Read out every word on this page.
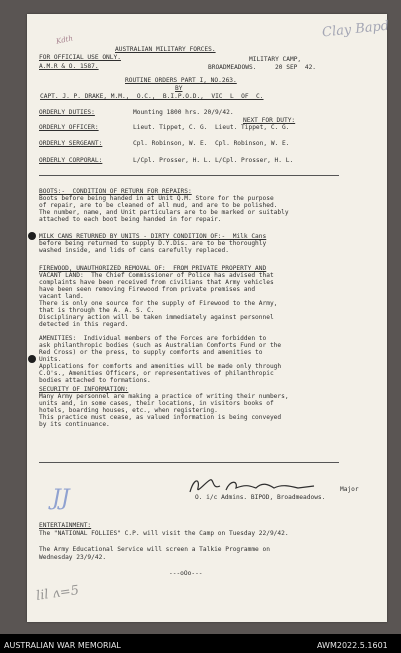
Clay Bapd
Kdth
JJ
lil ʌ=5
AUSTRALIAN MILITARY FORCES.
FOR OFFICIAL USE ONLY.	MILITARY CAMP,
A.M.R & O. 1587.	BROADMEADOWS.     20 SEP  42.
ROUTINE ORDERS PART I, NO.263.
BY
CAPT. J. P. DRAKE, M.M.,  O.C.,  B.I.P.O.D.,  VIC  L  OF  C.
ORDERLY DUTIES:	Mounting 1800 hrs. 20/9/42.
NEXT FOR DUTY:
ORDERLY OFFICER:	Lieut. Tippet, C. G.  Lieut. Tippet, C. G.
ORDERLY SERGEANT:	Cpl. Robinson, W. E.  Cpl. Robinson, W. E.
ORDERLY CORPORAL:	L/Cpl. Prosser, H. L. L/Cpl. Prosser, H. L.
BOOTS:-  CONDITION OF RETURN FOR REPAIRS:
Boots before being handed in at Unit Q.M. Store for the purpose
of repair, are to be cleaned of all mud, and are to be polished.
The number, name, and Unit particulars are to be marked or suitably
attached to each boot being handed in for repair.
MILK CANS RETURNED BY UNITS - DIRTY CONDITION OF:-  Milk Cans
before being returned to supply D.Y.Dis. are to be thoroughly
washed inside, and lids of cans carefully replaced.
FIREWOOD, UNAUTHORIZED REMOVAL OF:  FROM PRIVATE PROPERTY AND
VACANT LAND:  The Chief Commissioner of Police has advised that
complaints have been received from civilians that Army vehicles
have been seen removing Firewood from private premises and
vacant land.
There is only one source for the supply of Firewood to the Army,
that is through the A. A. S. C.
Disciplinary action will be taken immediately against personnel
detected in this regard.
AMENITIES:  Individual members of the Forces are forbidden to
ask philanthropic bodies (such as Australian Comforts Fund or the
Red Cross) or the press, to supply comforts and amenities to
Units.
Applications for comforts and amenities will be made only through
C.O's., Amenities Officers, or representatives of philanthropic
bodies attached to formations.
SECURITY OF INFORMATION:
Many Army personnel are making a practice of writing their numbers,
units and, in some cases, their locations, in visitors books of
hotels, boarding houses, etc., when registering.
This practice must cease, as valued information is being conveyed
by its continuance.
Major
O. i/c Admins. BIPOD, Broadmeadows.
ENTERTAINMENT:
The "NATIONAL FOLLIES" C.P. will visit the Camp on Tuesday 22/9/42.
The Army Educational Service will screen a Talkie Programme on
Wednesday 23/9/42.
---oOo---
AUSTRALIAN WAR MEMORIAL	AWM2022.5.1601
